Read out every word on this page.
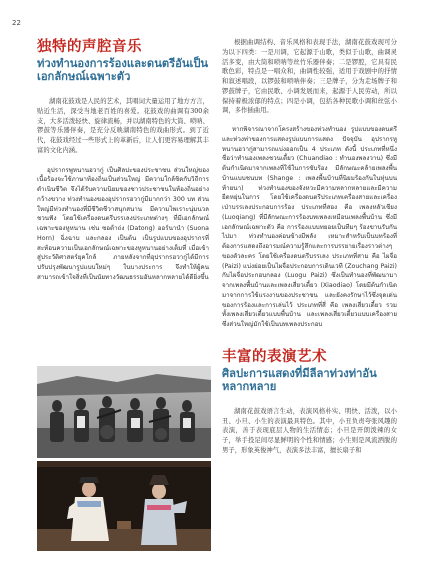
22
独特的声腔音乐
ท่วงทำนองการร้องและดนตรีอันเป็นเอกลักษณ์เฉพาะตัว

湖南花鼓戏是人民的艺术，其唱词大量运用了地方方言，贴近生活，深受当地老百姓的喜爱。花鼓戏的曲调有300余支，大多活泼轻快、旋律流畅，并以湖南特色的大筒、唢呐、锣鼓等乐器伴奏，是充分反映湖南特色的戏曲形式。到了近代，花鼓戏经过一些形式上的革新后，让人们更容易理解其丰富的文化内涵。

อุปรากรพูหนานฮวากู่ เป็นศิลปะของประชาชน ส่วนใหญ่ของเนื้อร้องจะใช้ภาษาท้องถิ่นเป็นส่วนใหญ่ มีความใกล้ชิดกับวิถีการดำเนินชีวิต จึงได้รับความนิยมของชาวประชาชนในท้องถิ่นอย่างกว้างขวาง ท่วงทำนองของอุปรากรฮวากู่มีมากกว่า 300 บท ส่วนใหญ่มีท่วงทำนองที่มีชีวิตชีวาสนุกสนาน มีความไพเราะนุ่มนวลชวนฟัง โดยใช้เครื่องดนตรีบรรเลงประเภทต่างๆ ที่มีเอกลักษณ์เฉพาะของหูหนาน เช่น ซอต้าถ่ง (Datong) ออร์นานำ (Suona Horn) ฉิ่งฉาบ และกลอง เป็นต้น เป็นรูปแบบของอุปรากรที่สะท้อนความเป็นเอกลักษณ์เฉพาะของหูหนานอย่างเต็มที่ เมื่อเข้าสู่ประวัติศาสตร์ยุคใกล้ ภายหลังจากที่อุปรากรฮวากู่ได้มีการปรับปรุงพัฒนารูปแบบใหม่ๆ ในบางประการ จึงทำให้ผู้คนสามารถเข้าใจสิ่งที่เป็นนัยทางวัฒนธรรมอันหลากหลายได้ดียิ่งขึ้น

根据曲调结构、音乐风格和表现手法，湖南花鼓戏现可分为以下四类：一是川调，它起源于山歌，类似于山歌，曲调灵活多变，由大筒和唢呐等丝竹乐器伴奏；二是锣腔，它具有民歌色彩，特点是一唱众和，曲调性较强，适用于戏剧中的抒情和叙述唱段，以锣鼓和唢呐伴奏；三是牌子，分为走场牌子和锣鼓牌子，它由民歌、小调发展而来，起源于人民劳动，所以保持着极浓郁的特点；四是小调，包括各种民歌小调和丝弦小调，多作插曲用。

หากพิจารณาจากโครงสร้างของท่วงทำนอง รูปแบบของดนตรี และท่วงท่าของการแสดงรูปแบบการแสดง ปัจจุบัน อุปรากรหูหนานฮวากู่สามารถแบ่งออกเป็น 4 ประเภท ดังนี้ ประเภทที่หนึ่ง ชื่อว่าทำนองเพลงชวนเตี้ยว (Chuandiao : ทำนองพลงวาน) ซึ่งมีต้นกำเนิดมาจากเพลงที่ใช้ในการขับร้อง มีลักษณะคล้ายเพลงพื้นบ้านแบบชนบท (Shange : เพลงพื้นบ้านที่นิยมร้องกันในหุ่นบนท้ายนา) ท่วงทำนองของจังหวะมีความหลากหลายและมีความยืดหยุ่นในการ โดยใช้เครื่องดนตรีประเภทเครื่องสายและเครื่องเป่าบรรเลงประกอบการร้อง ประเภทที่สอง คือ เพลงหลัวเชียง (Luoqiang) ที่มีลักษณะการร้องบทเพลงเหมือนเพลงพื้นบ้าน ซึ่งมีเอกลักษณ์เฉพาะตัว คือ การร้องแบบทยอยเป็นทีมๆ ร้องขานรับกันไปมา ท่วงทำนองค่อนข้างมีพลัง เหมาะสำหรับเป็นบทร้องที่ต้องการแสดงถึงอารมณ์ความรู้สึกและการบรรยายเรื่องราวต่างๆ ของตัวละคร โดยใช้เครื่องดนตรีบรรเลง ประเภทที่สาม คือ ไผจื่อ (Paizi) แบ่งย่อยเป็นไผจื่อประกอบการเดินเวที (Zouchang Paizi) กับไผจื่อประกอบกลอง (Luogu Paizi) ซึ่งเป็นทำนองที่พัฒนามาจากเพลงพื้นบ้านและเพลงเสี่ยวเตี้ยว (Xiaodiao) โดยมีต้นกำเนิดมาจากการใช้แรงงานของประชาชน และยังคงรักษาไว้ซึ่งจุดเด่นของการร้องและการเล่นไว้ ประเภทที่สี่ คือ เพลงเสี่ยวเตี้ยว รวมทั้งเพลงเสี่ยวเตี้ยวแบบพื้นบ้าน และเพลงเสี่ยวเตี้ยวแบบเครื่องสาย ซึ่งส่วนใหญ่มักใช้เป็นบทเพลงประกอบ

丰富的表演艺术
ศิลปะการแสดงที่มีลีลาท่วงท่าอันหลากหลาย

湖南花鼓戏语言生动，表演风格朴实、明快、活泼，以小丑、小旦、小生的表演最具特色。其中，小丑负责夸张风趣的表演，善于表现底层人物的生活情态；小旦是开朗泼辣的女子，举手投足间尽显鲜明的个性和情感；小生则是风流洒脱的男子，形象英俊神气，表演多法丰富，擅长扇子和
